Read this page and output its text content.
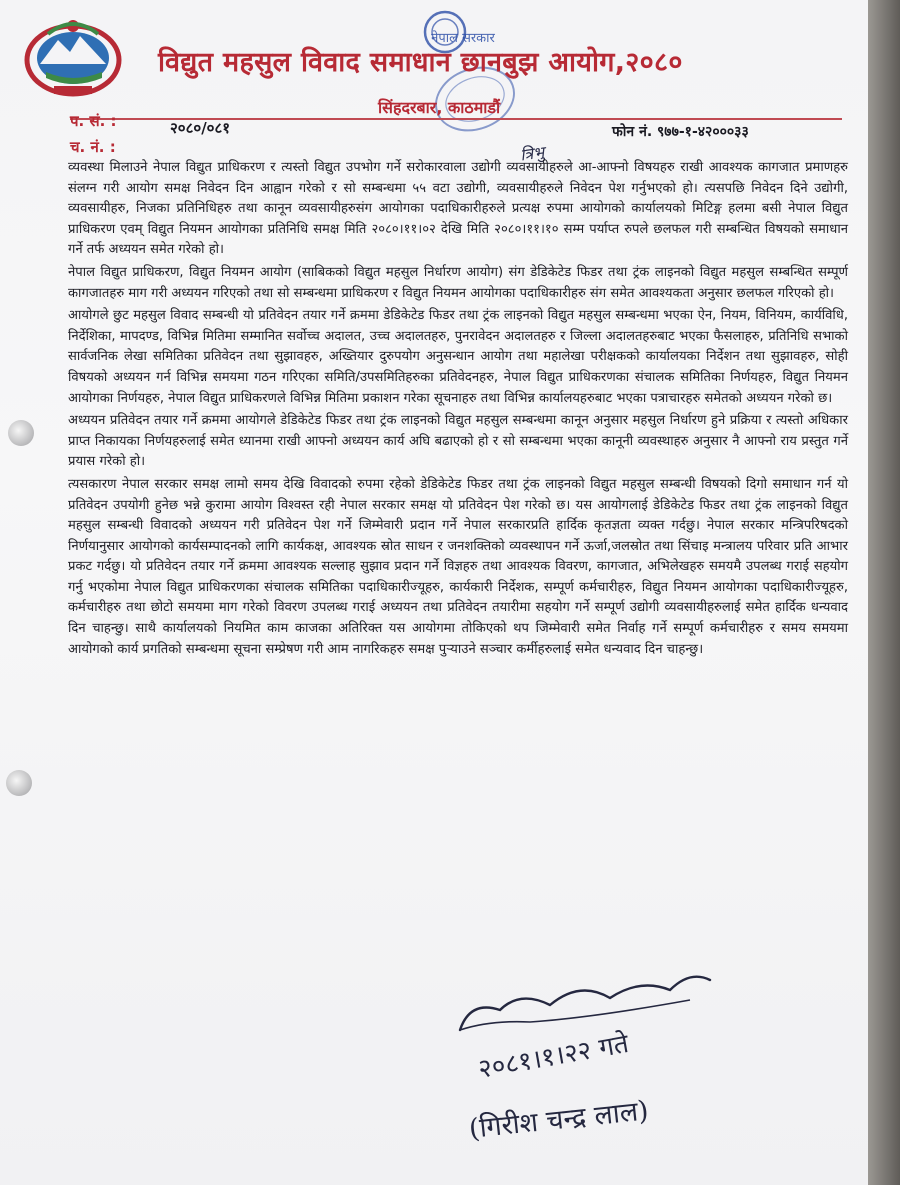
नेपाल सरकार
विद्युत महसुल विवाद समाधान छानबुझ आयोग,२०८०
सिंहदरबार, काठमाडौं
प. सं. :	२०८०/०८१
च. नं. :
फोन नं. ९७७-१-४२०००३३
त्रिभु

व्यवस्था मिलाउने नेपाल विद्युत प्राधिकरण र त्यस्तो विद्युत उपभोग गर्ने सरोकारवाला उद्योगी व्यवसायीहरुले आ-आफ्नो विषयहरु राखी आवश्यक कागजात प्रमाणहरु संलग्न गरी आयोग समक्ष निवेदन दिन आह्वान गरेको र सो सम्बन्धमा ५५ वटा उद्योगी, व्यवसायीहरुले निवेदन पेश गर्नुभएको हो। त्यसपछि निवेदन दिने उद्योगी, व्यवसायीहरु, निजका प्रतिनिधिहरु तथा कानून व्यवसायीहरुसंग आयोगका पदाधिकारीहरुले प्रत्यक्ष रुपमा आयोगको कार्यालयको मिटिङ्ग हलमा बसी नेपाल विद्युत प्राधिकरण एवम् विद्युत नियमन आयोगका प्रतिनिधि समक्ष मिति २०८०।११।०२ देखि मिति २०८०।११।१० सम्म पर्याप्त रुपले छलफल गरी सम्बन्धित विषयको समाधान गर्ने तर्फ अध्ययन समेत गरेको हो।

नेपाल विद्युत प्राधिकरण, विद्युत नियमन आयोग (साबिकको विद्युत महसुल निर्धारण आयोग) संग डेडिकेटेड फिडर तथा ट्रंक लाइनको विद्युत महसुल सम्बन्धित सम्पूर्ण कागजातहरु माग गरी अध्ययन गरिएको तथा सो सम्बन्धमा प्राधिकरण र विद्युत नियमन आयोगका पदाधिकारीहरु संग समेत आवश्यकता अनुसार छलफल गरिएको हो।

आयोगले छुट महसुल विवाद सम्बन्धी यो प्रतिवेदन तयार गर्ने क्रममा डेडिकेटेड फिडर तथा ट्रंक लाइनको विद्युत महसुल सम्बन्धमा भएका ऐन, नियम, विनियम, कार्यविधि, निर्देशिका, मापदण्ड, विभिन्न मितिमा सम्मानित सर्वोच्च अदालत, उच्च अदालतहरु, पुनरावेदन अदालतहरु र जिल्ला अदालतहरुबाट भएका फैसलाहरु, प्रतिनिधि सभाको सार्वजनिक लेखा समितिका प्रतिवेदन तथा सुझावहरु, अख्तियार दुरुपयोग अनुसन्धान आयोग तथा महालेखा परीक्षकको कार्यालयका निर्देशन तथा सुझावहरु, सोही विषयको अध्ययन गर्न विभिन्न समयमा गठन गरिएका समिति/उपसमितिहरुका प्रतिवेदनहरु, नेपाल विद्युत प्राधिकरणका संचालक समितिका निर्णयहरु, विद्युत नियमन आयोगका निर्णयहरु, नेपाल विद्युत प्राधिकरणले विभिन्न मितिमा प्रकाशन गरेका सूचनाहरु तथा विभिन्न कार्यालयहरुबाट भएका पत्राचारहरु समेतको अध्ययन गरेको छ।

अध्ययन प्रतिवेदन तयार गर्ने क्रममा आयोगले डेडिकेटेड फिडर तथा ट्रंक लाइनको विद्युत महसुल सम्बन्धमा कानून अनुसार महसुल निर्धारण हुने प्रक्रिया र त्यस्तो अधिकार प्राप्त निकायका निर्णयहरुलाई समेत ध्यानमा राखी आफ्नो अध्ययन कार्य अघि बढाएको हो र सो सम्बन्धमा भएका कानूनी व्यवस्थाहरु अनुसार नै आफ्नो राय प्रस्तुत गर्ने प्रयास गरेको हो।

त्यसकारण नेपाल सरकार समक्ष लामो समय देखि विवादको रुपमा रहेको डेडिकेटेड फिडर तथा ट्रंक लाइनको विद्युत महसुल सम्बन्धी विषयको दिगो समाधान गर्न यो प्रतिवेदन उपयोगी हुनेछ भन्ने कुरामा आयोग विश्वस्त रही नेपाल सरकार समक्ष यो प्रतिवेदन पेश गरेको छ। यस आयोगलाई डेडिकेटेड फिडर तथा ट्रंक लाइनको विद्युत महसुल सम्बन्धी विवादको अध्ययन गरी प्रतिवेदन पेश गर्ने जिम्मेवारी प्रदान गर्ने नेपाल सरकारप्रति हार्दिक कृतज्ञता व्यक्त गर्दछु। नेपाल सरकार मन्त्रिपरिषदको निर्णयानुसार आयोगको कार्यसम्पादनको लागि कार्यकक्ष, आवश्यक स्रोत साधन र जनशक्तिको व्यवस्थापन गर्ने ऊर्जा,जलस्रोत तथा सिंचाइ मन्त्रालय परिवार प्रति आभार प्रकट गर्दछु। यो प्रतिवेदन तयार गर्ने क्रममा आवश्यक सल्लाह सुझाव प्रदान गर्ने विज्ञहरु तथा आवश्यक विवरण, कागजात, अभिलेखहरु समयमै उपलब्ध गराई सहयोग गर्नु भएकोमा नेपाल विद्युत प्राधिकरणका संचालक समितिका पदाधिकारीज्यूहरु, कार्यकारी निर्देशक, सम्पूर्ण कर्मचारीहरु, विद्युत नियमन आयोगका पदाधिकारीज्यूहरु, कर्मचारीहरु तथा छोटो समयमा माग गरेको विवरण उपलब्ध गराई अध्ययन तथा प्रतिवेदन तयारीमा सहयोग गर्ने सम्पूर्ण उद्योगी व्यवसायीहरुलाई समेत हार्दिक धन्यवाद दिन चाहन्छु। साथै कार्यालयको नियमित काम काजका अतिरिक्त यस आयोगमा तोकिएको थप जिम्मेवारी समेत निर्वाह गर्ने सम्पूर्ण कर्मचारीहरु र समय समयमा आयोगको कार्य प्रगतिको सम्बन्धमा सूचना सम्प्रेषण गरी आम नागरिकहरु समक्ष पुऱ्याउने सञ्चार कर्मीहरुलाई समेत धन्यवाद दिन चाहन्छु।

२०८१।१।२२ गते
(गिरीश चन्द्र लाल)
